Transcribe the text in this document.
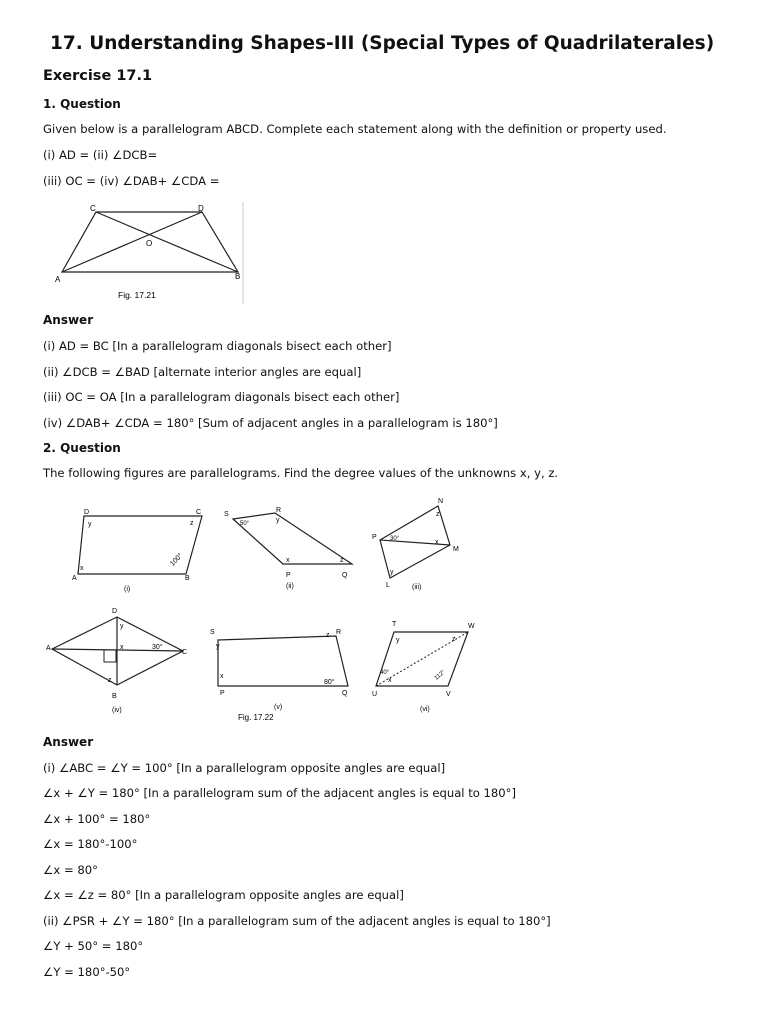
17. Understanding Shapes-III (Special Types of Quadrilaterales)
Exercise 17.1
1. Question
Given below is a parallelogram ABCD. Complete each statement along with the definition or property used.
(i) AD = (ii) ∠DCB=
(iii) OC = (iv) ∠DAB+ ∠CDA =
C	D
O
A	B
Fig. 17.21
Answer
(i) AD = BC [In a parallelogram diagonals bisect each other]
(ii) ∠DCB = ∠BAD [alternate interior angles are equal]
(iii) OC = OA [In a parallelogram diagonals bisect each other]
(iv) ∠DAB+ ∠CDA = 180° [Sum of adjacent angles in a parallelogram is 180°]
2. Question
The following figures are parallelograms. Find the degree values of the unknowns x, y, z.
D	C
A	B
y	z
x
100°
(i)
S
R
P	Q
50°	y
x	z
(ii)
N
P
M
L
30°
z
x
y
(iii)
D
A
C
B
y
x
z
30°
(iv)
S	R
P	Q
y
z
x
80°
(v)
Fig. 17.22
T	W
U	V
y	z
40°
x	112°
(vi)
Answer
(i) ∠ABC = ∠Y = 100° [In a parallelogram opposite angles are equal]
∠x + ∠Y = 180° [In a parallelogram sum of the adjacent angles is equal to 180°]
∠x + 100° = 180°
∠x = 180°-100°
∠x = 80°
∠x = ∠z = 80° [In a parallelogram opposite angles are equal]
(ii) ∠PSR + ∠Y = 180° [In a parallelogram sum of the adjacent angles is equal to 180°]
∠Y + 50° = 180°
∠Y = 180°-50°
